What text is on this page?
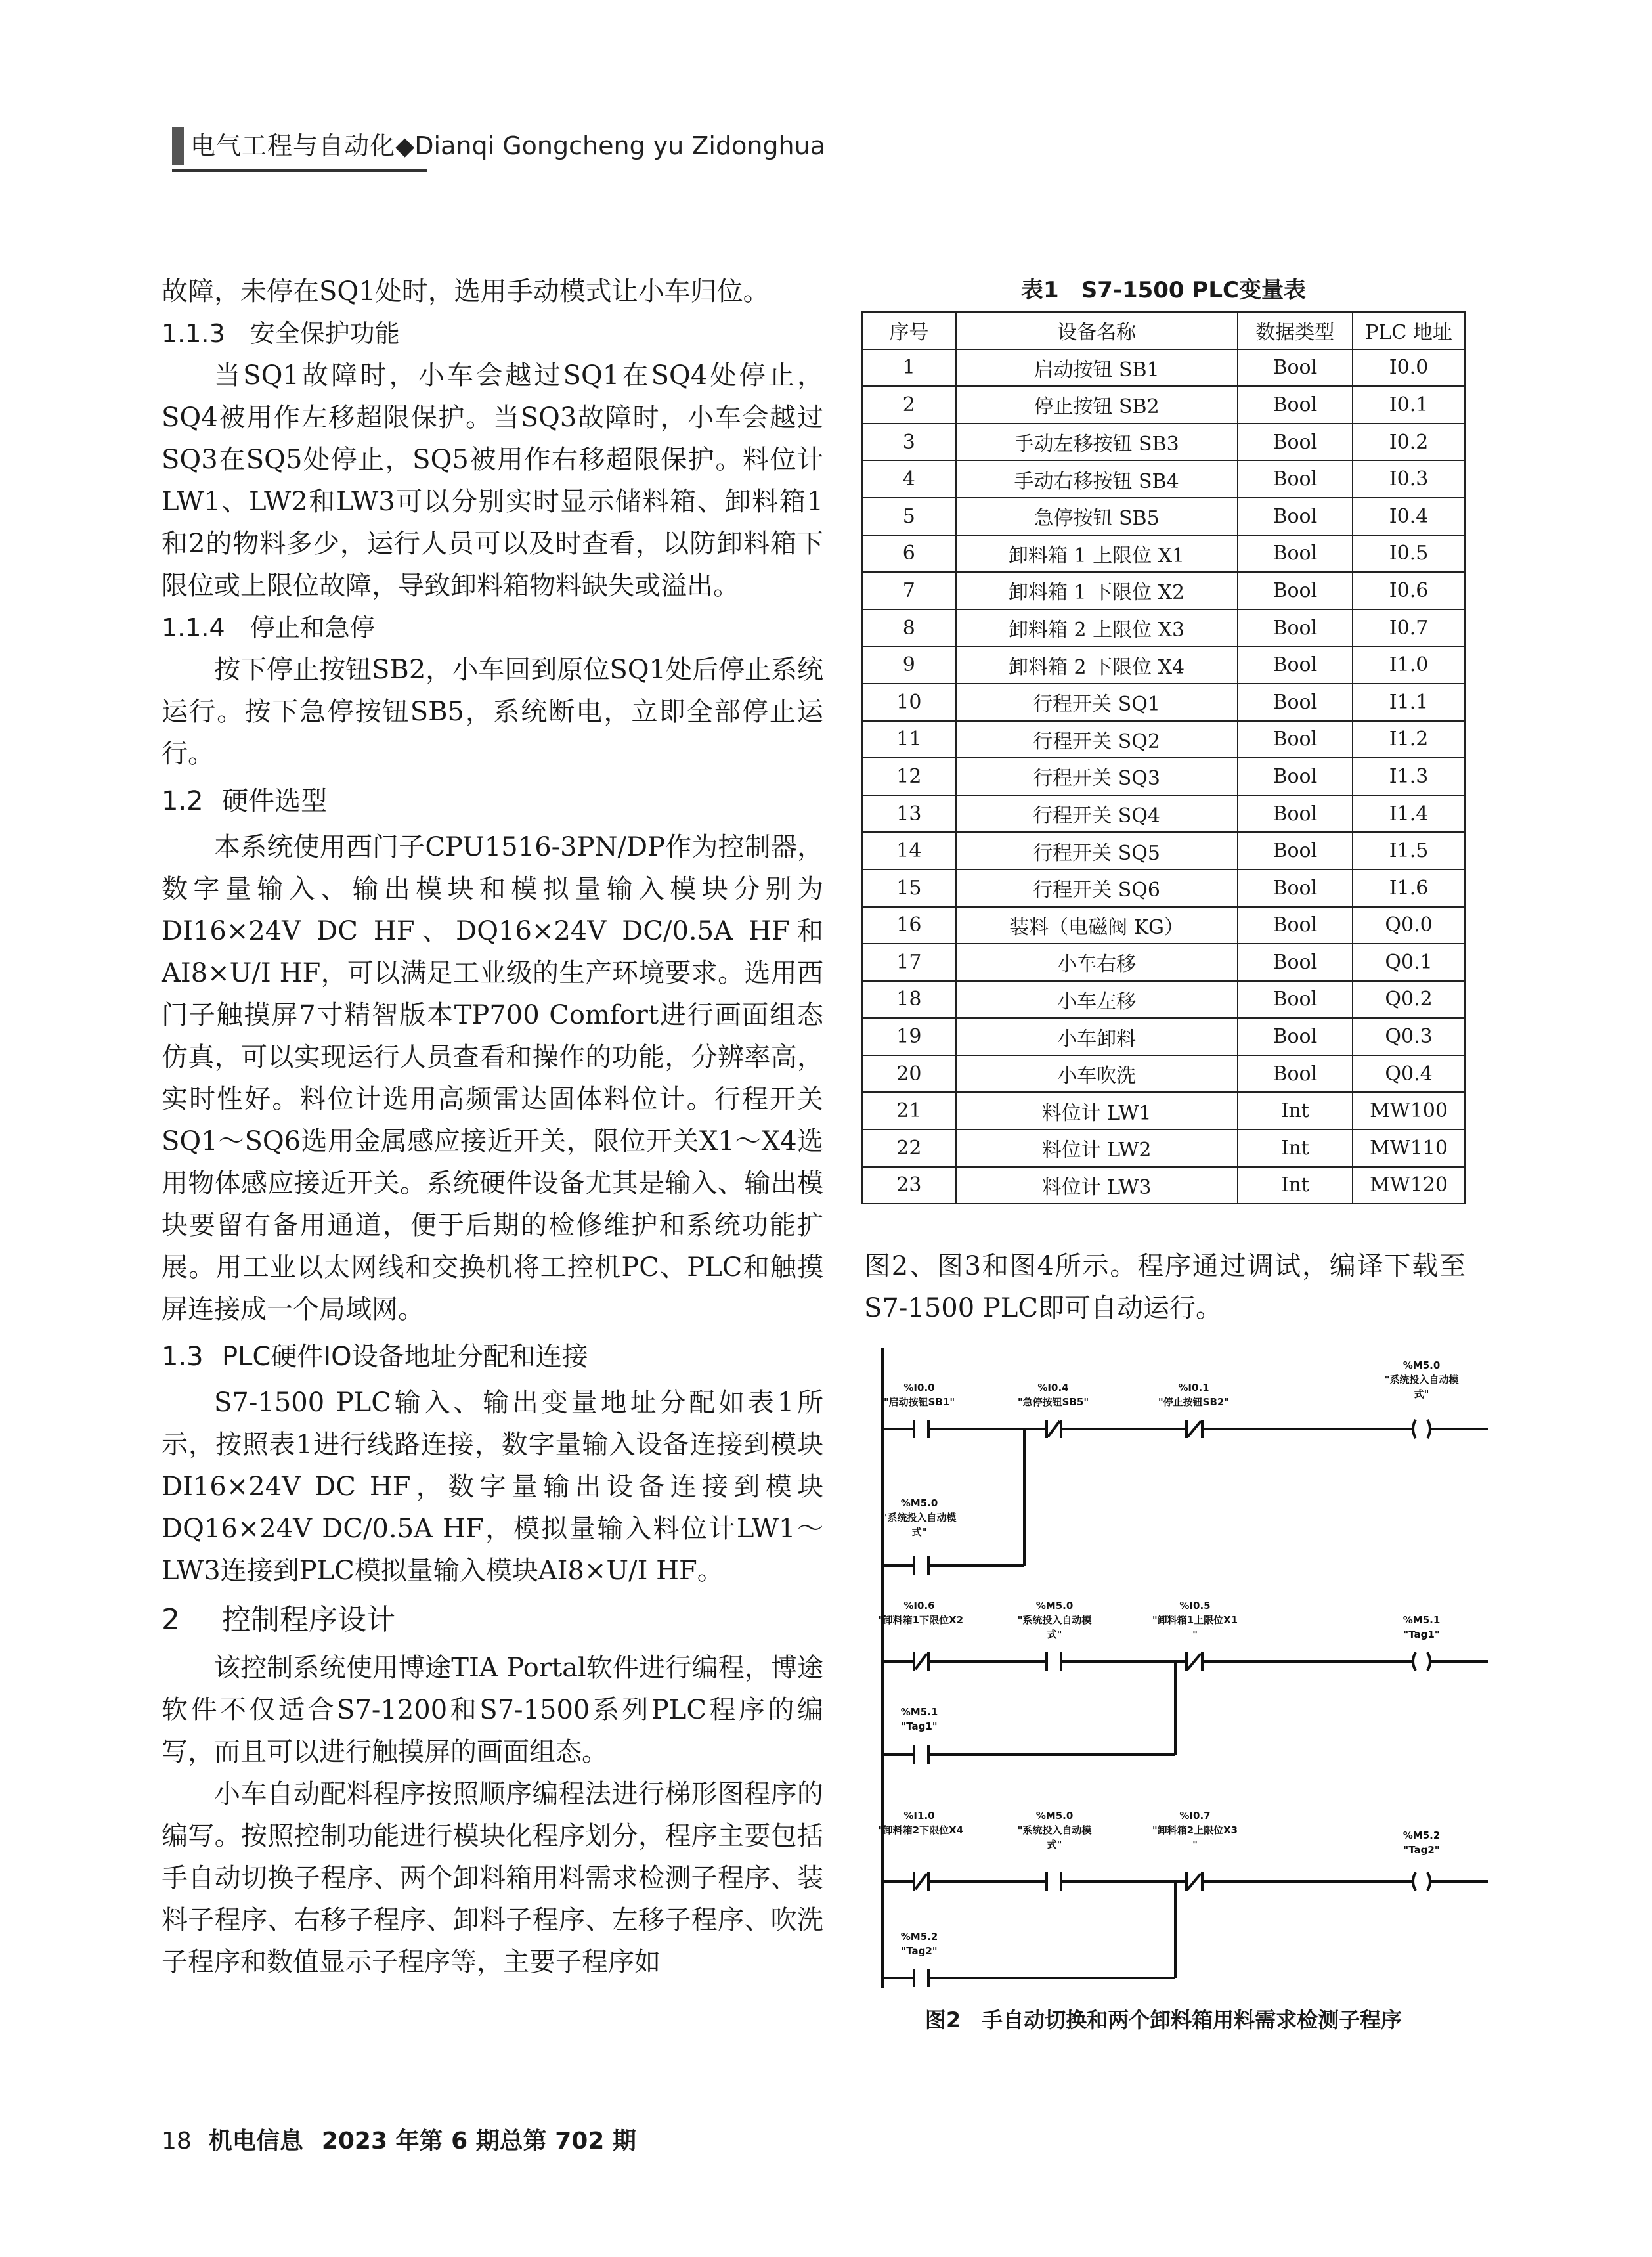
电气工程与自动化◆Dianqi Gongcheng yu Zidonghua

故障，未停在SQ1处时，选用手动模式让小车归位。

1.1.3　安全保护功能

当SQ1故障时，小车会越过SQ1在SQ4处停止，SQ4被用作左移超限保护。当SQ3故障时，小车会越过SQ3在SQ5处停止，SQ5被用作右移超限保护。料位计LW1、LW2和LW3可以分别实时显示储料箱、卸料箱1和2的物料多少，运行人员可以及时查看，以防卸料箱下限位或上限位故障，导致卸料箱物料缺失或溢出。

1.1.4　停止和急停

按下停止按钮SB2，小车回到原位SQ1处后停止系统运行。按下急停按钮SB5，系统断电，立即全部停止运行。

1.2 硬件选型

本系统使用西门子CPU1516-3PN/DP作为控制器，数字量输入、输出模块和模拟量输入模块分别为DI16×24V DC HF、DQ16×24V DC/0.5A HF和AI8×U/I HF，可以满足工业级的生产环境要求。选用西门子触摸屏7寸精智版本TP700 Comfort进行画面组态仿真，可以实现运行人员查看和操作的功能，分辨率高，实时性好。料位计选用高频雷达固体料位计。行程开关SQ1～SQ6选用金属感应接近开关，限位开关X1～X4选用物体感应接近开关。系统硬件设备尤其是输入、输出模块要留有备用通道，便于后期的检修维护和系统功能扩展。用工业以太网线和交换机将工控机PC、PLC和触摸屏连接成一个局域网。

1.3 PLC硬件IO设备地址分配和连接

S7-1500 PLC输入、输出变量地址分配如表1所示，按照表1进行线路连接，数字量输入设备连接到模块DI16×24V DC HF，数字量输出设备连接到模块DQ16×24V DC/0.5A HF，模拟量输入料位计LW1～LW3连接到PLC模拟量输入模块AI8×U/I HF。

2 控制程序设计

该控制系统使用博途TIA Portal软件进行编程，博途软件不仅适合S7-1200和S7-1500系列PLC程序的编写，而且可以进行触摸屏的画面组态。

小车自动配料程序按照顺序编程法进行梯形图程序的编写。按照控制功能进行模块化程序划分，程序主要包括手自动切换子程序、两个卸料箱用料需求检测子程序、装料子程序、右移子程序、卸料子程序、左移子程序、吹洗子程序和数值显示子程序等，主要子程序如

表1　S7-1500 PLC变量表
序号	设备名称	数据类型	PLC 地址
1	启动按钮 SB1	Bool	I0.0
2	停止按钮 SB2	Bool	I0.1
3	手动左移按钮 SB3	Bool	I0.2
4	手动右移按钮 SB4	Bool	I0.3
5	急停按钮 SB5	Bool	I0.4
6	卸料箱 1 上限位 X1	Bool	I0.5
7	卸料箱 1 下限位 X2	Bool	I0.6
8	卸料箱 2 上限位 X3	Bool	I0.7
9	卸料箱 2 下限位 X4	Bool	I1.0
10	行程开关 SQ1	Bool	I1.1
11	行程开关 SQ2	Bool	I1.2
12	行程开关 SQ3	Bool	I1.3
13	行程开关 SQ4	Bool	I1.4
14	行程开关 SQ5	Bool	I1.5
15	行程开关 SQ6	Bool	I1.6
16	装料（电磁阀 KG）	Bool	Q0.0
17	小车右移	Bool	Q0.1
18	小车左移	Bool	Q0.2
19	小车卸料	Bool	Q0.3
20	小车吹洗	Bool	Q0.4
21	料位计 LW1	Int	MW100
22	料位计 LW2	Int	MW110
23	料位计 LW3	Int	MW120

图2、图3和图4所示。程序通过调试，编译下载至S7-1500 PLC即可自动运行。

%I0.0
"启动按钮SB1"
%I0.4
"急停按钮SB5"
%I0.1
"停止按钮SB2"
%M5.0
"系统投入自动模
式"
%M5.0
"系统投入自动模
式"
%I0.6
"卸料箱1下限位X2
%M5.0
"系统投入自动模
式"
%I0.5
"卸料箱1上限位X1
"
%M5.1
"Tag1"
%M5.1
"Tag1"
%I1.0
"卸料箱2下限位X4
%M5.0
"系统投入自动模
式"
%I0.7
"卸料箱2上限位X3
"
%M5.2
"Tag2"
%M5.2
"Tag2"
图2　手自动切换和两个卸料箱用料需求检测子程序
18 机电信息 2023 年第 6 期总第 702 期
